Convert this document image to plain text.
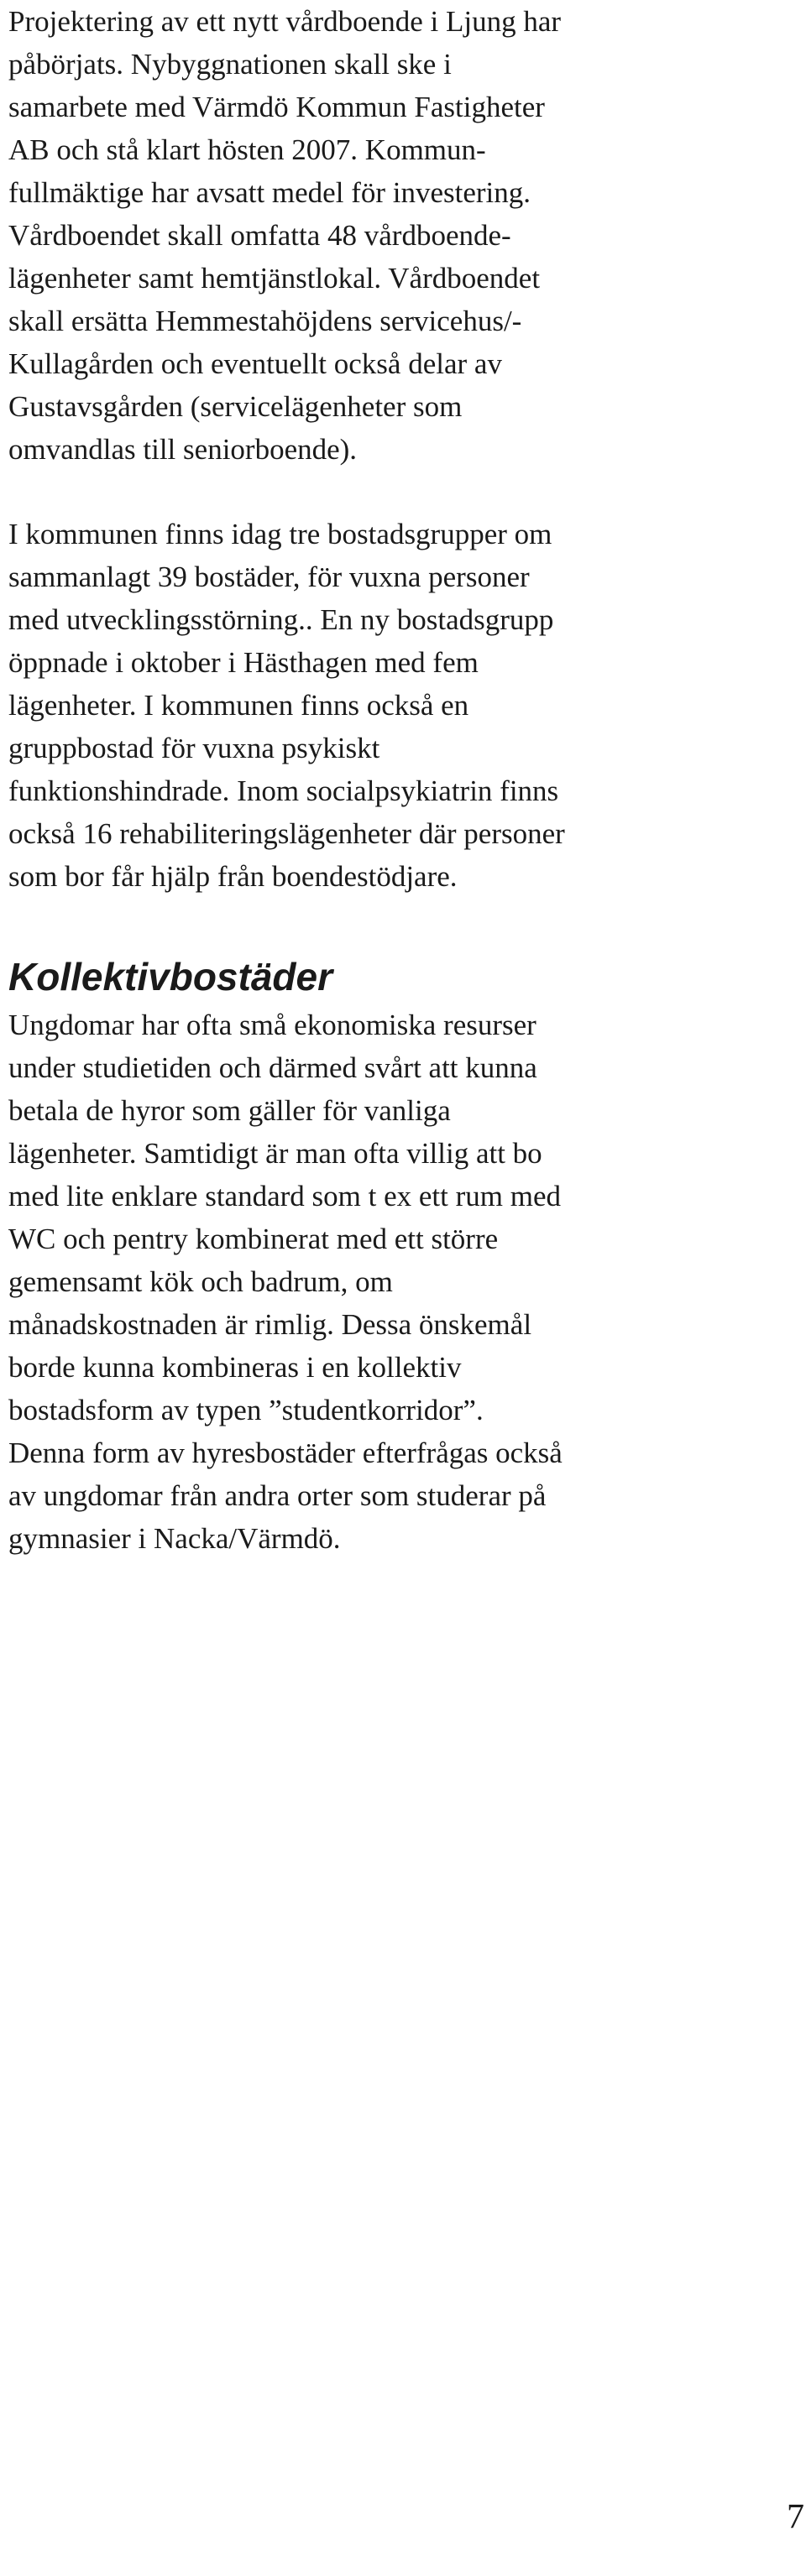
Projektering av ett nytt vårdboende i Ljung har
påbörjats. Nybyggnationen skall ske i
samarbete med Värmdö Kommun Fastigheter
AB och stå klart hösten 2007. Kommun-
fullmäktige har avsatt medel för investering.
Vårdboendet skall omfatta 48 vårdboende-
lägenheter samt hemtjänstlokal. Vårdboendet
skall ersätta Hemmestahöjdens servicehus/-
Kullagården och eventuellt också delar av
Gustavsgården (servicelägenheter som
omvandlas till seniorboende).
I kommunen finns idag tre bostadsgrupper om
sammanlagt 39 bostäder, för vuxna personer
med utvecklingsstörning.. En ny bostadsgrupp
öppnade i oktober i Hästhagen med fem
lägenheter. I kommunen finns också en
gruppbostad för vuxna psykiskt
funktionshindrade. Inom socialpsykiatrin finns
också 16 rehabiliteringslägenheter där personer
som bor får hjälp från boendestödjare.
Kollektivbostäder
Ungdomar har ofta små ekonomiska resurser
under studietiden och därmed svårt att kunna
betala de hyror som gäller för vanliga
lägenheter. Samtidigt är man ofta villig att bo
med lite enklare standard som t ex ett rum med
WC och pentry kombinerat med ett större
gemensamt kök och badrum, om
månadskostnaden är rimlig. Dessa önskemål
borde kunna kombineras i en kollektiv
bostadsform av typen ”studentkorridor”.
Denna form av hyresbostäder efterfrågas också
av ungdomar från andra orter som studerar på
gymnasier i Nacka/Värmdö.
7
